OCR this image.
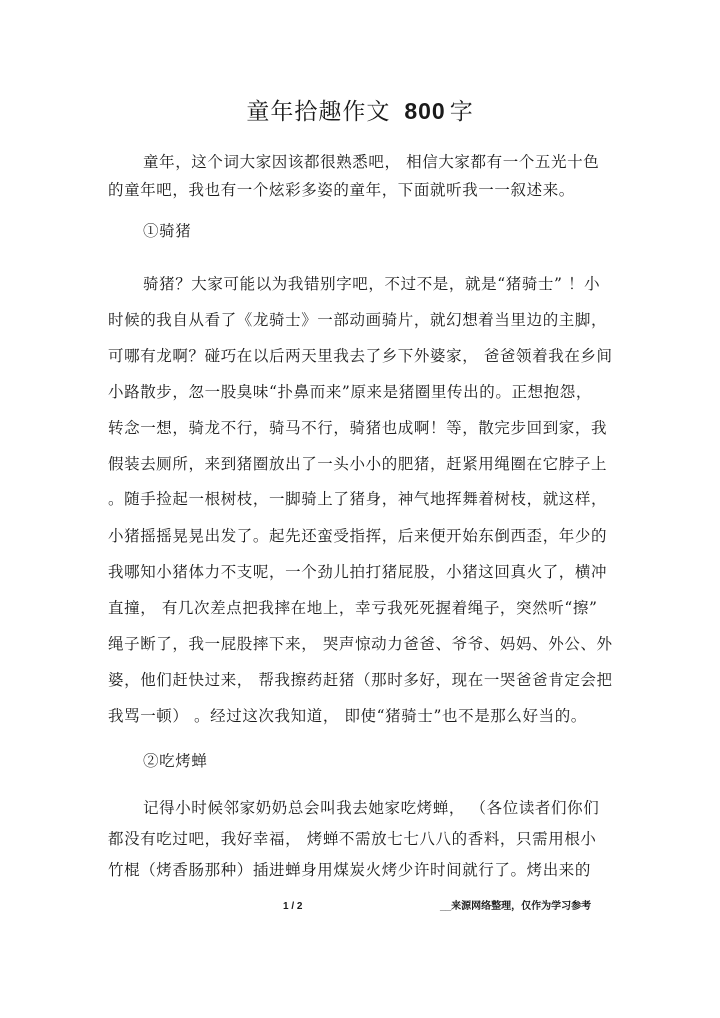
童年拾趣作文 800 字
童年，这个词大家因该都很熟悉吧， 相信大家都有一个五光十色
的童年吧，我也有一个炫彩多姿的童年，下面就听我一一叙述来。
①骑猪
骑猪？大家可能以为我错别字吧，不过不是，就是“猪骑士” ！小
时候的我自从看了《龙骑士》一部动画骑片，就幻想着当里边的主脚，
可哪有龙啊？碰巧在以后两天里我去了乡下外婆家， 爸爸领着我在乡间
小路散步，忽一股臭味“扑鼻而来”原来是猪圈里传出的。正想抱怨，
转念一想，骑龙不行，骑马不行，骑猪也成啊！等，散完步回到家，我
假装去厕所，来到猪圈放出了一头小小的肥猪，赶紧用绳圈在它脖子上
。随手捡起一根树枝，一脚骑上了猪身，神气地挥舞着树枝，就这样，
小猪摇摇晃晃出发了。起先还蛮受指挥，后来便开始东倒西歪，年少的
我哪知小猪体力不支呢，一个劲儿拍打猪屁股，小猪这回真火了，横冲
直撞， 有几次差点把我摔在地上，幸亏我死死握着绳子，突然听“擦”
绳子断了，我一屁股摔下来， 哭声惊动力爸爸、爷爷、妈妈、外公、外
婆，他们赶快过来， 帮我擦药赶猪（那时多好，现在一哭爸爸肯定会把
我骂一顿） 。经过这次我知道， 即使“猪骑士”也不是那么好当的。
②吃烤蝉
记得小时候邻家奶奶总会叫我去她家吃烤蝉， （各位读者们你们
都没有吃过吧，我好幸福， 烤蝉不需放七七八八的香料，只需用根小
竹棍（烤香肠那种）插进蝉身用煤炭火烤少许时间就行了。烤出来的
1 / 2	__来源网络整理，仅作为学习参考
